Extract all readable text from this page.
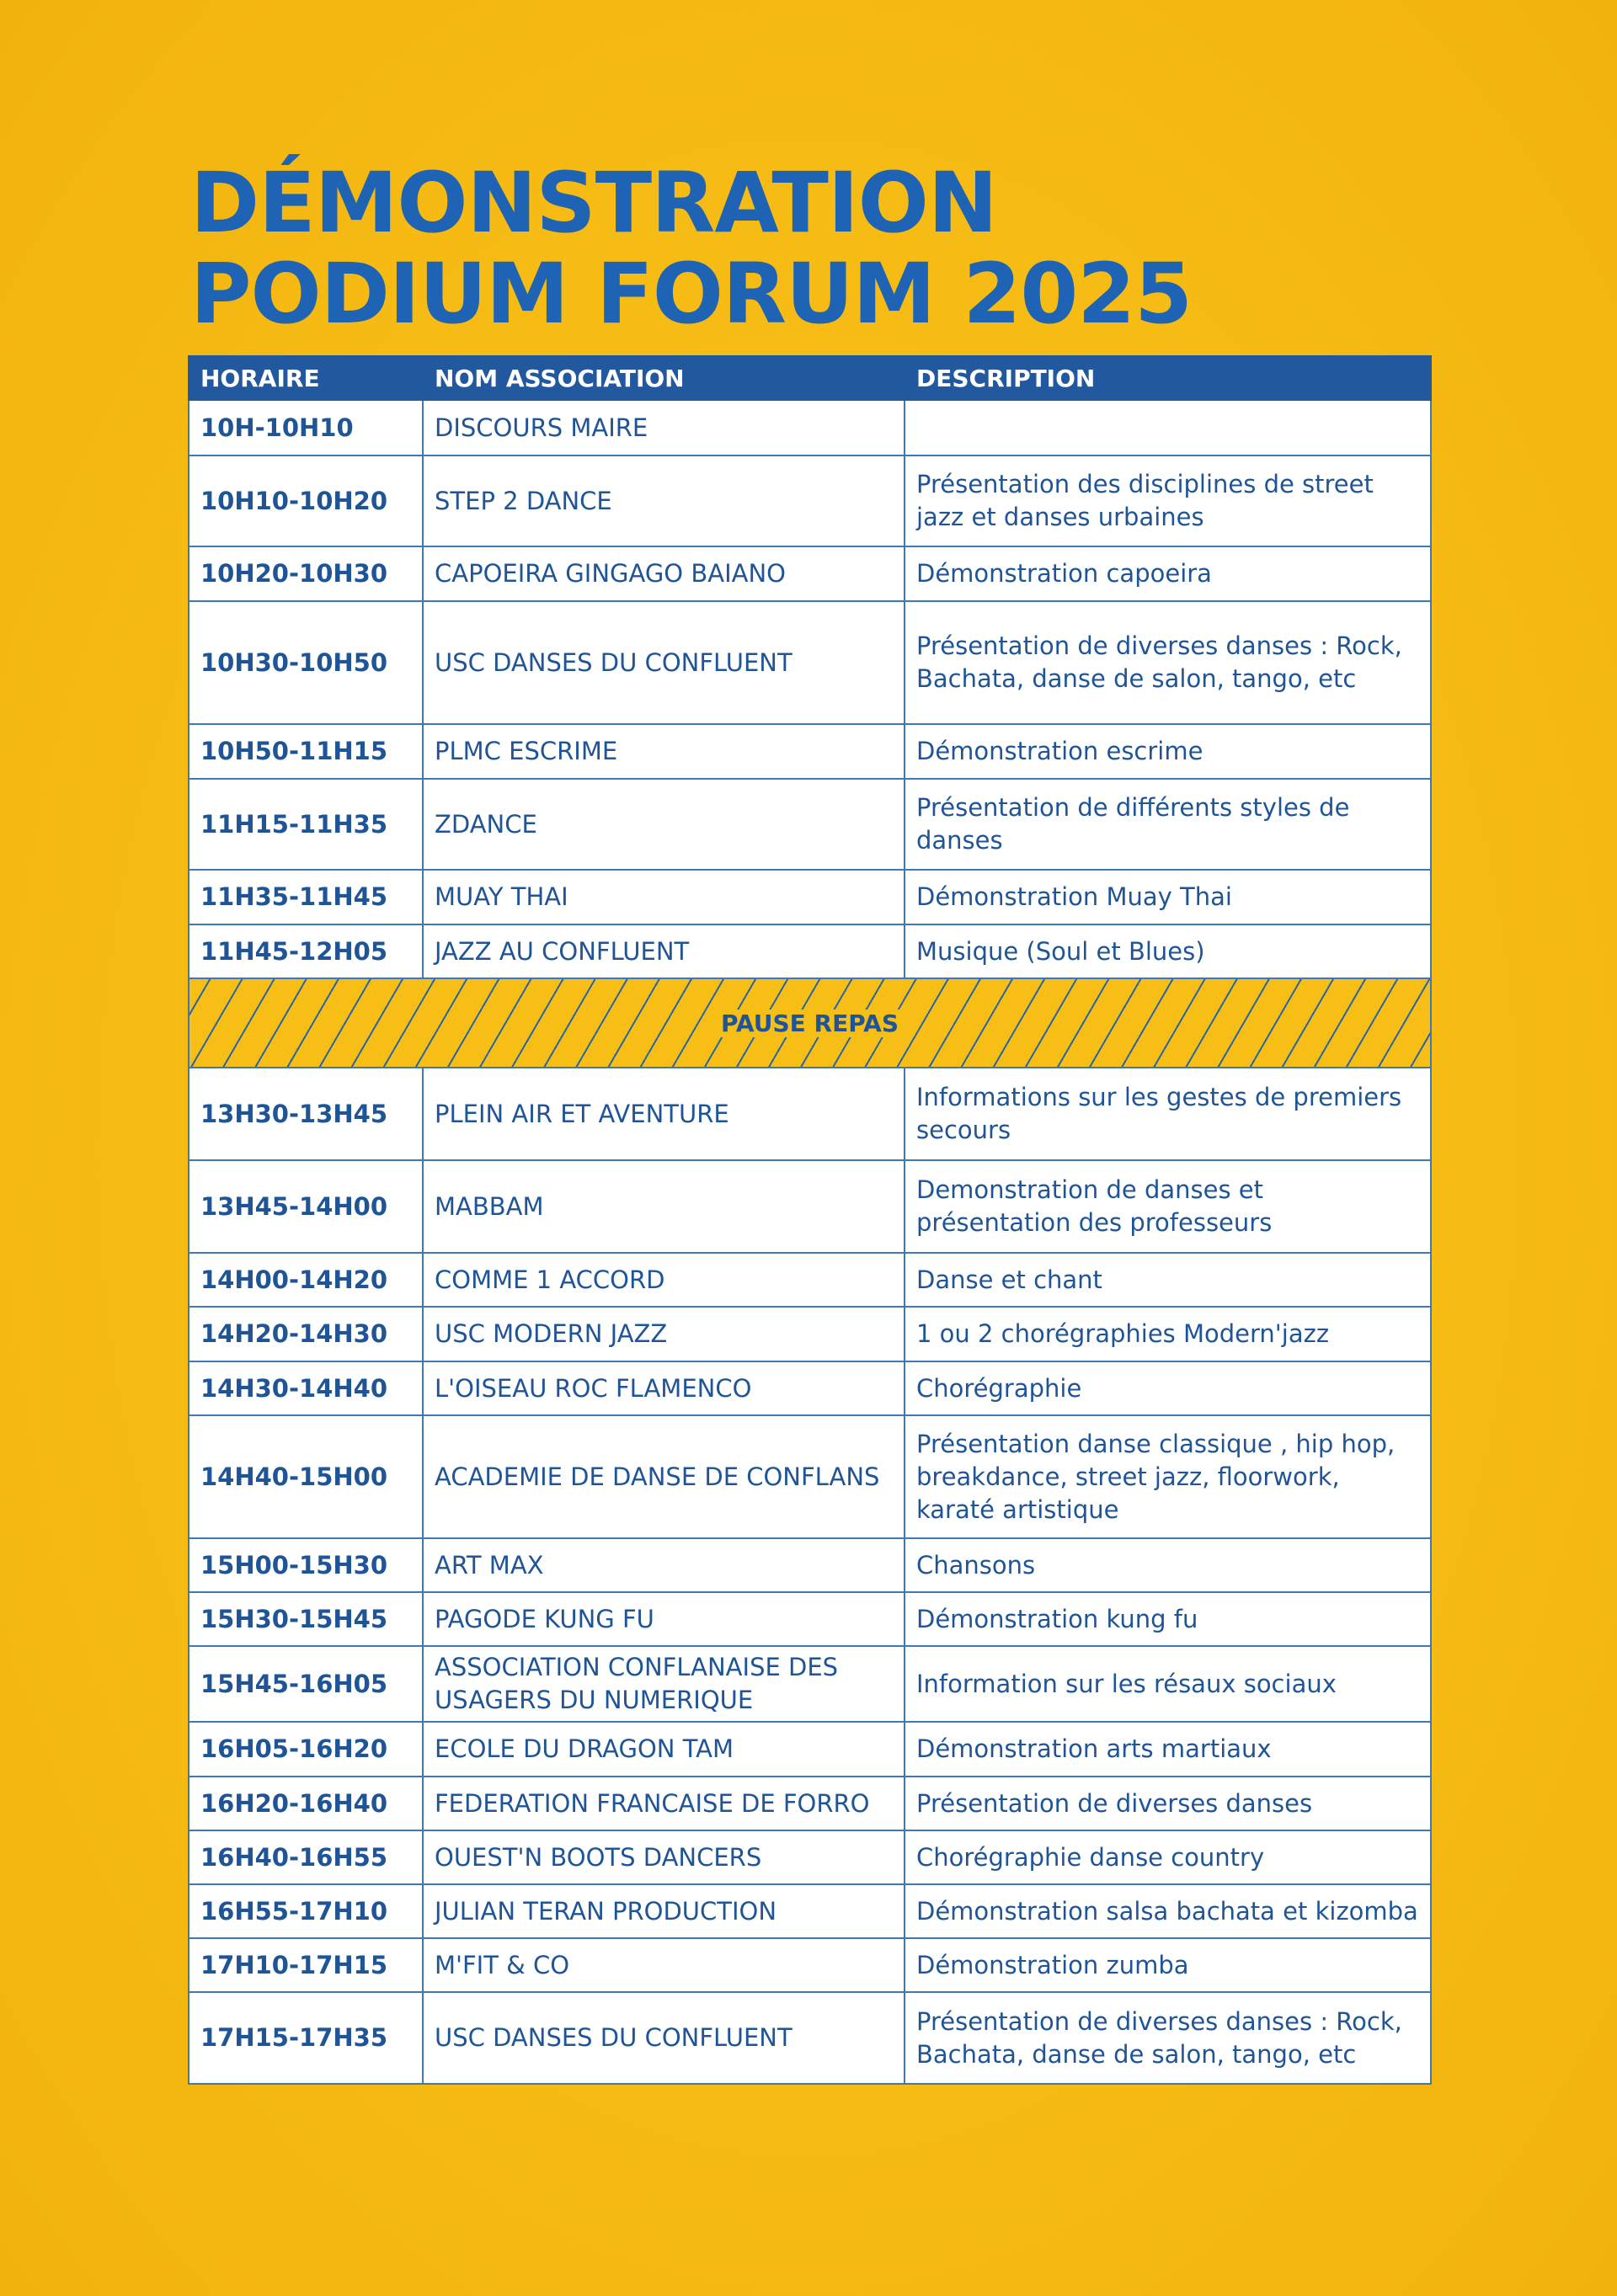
DÉMONSTRATION
PODIUM FORUM 2025
HORAIRE	NOM ASSOCIATION	DESCRIPTION
10H-10H10	DISCOURS MAIRE	
10H10-10H20	STEP 2 DANCE	Présentation des disciplines de street jazz et danses urbaines
10H20-10H30	CAPOEIRA GINGAGO BAIANO	Démonstration capoeira
10H30-10H50	USC DANSES DU CONFLUENT	Présentation de diverses danses : Rock, Bachata, danse de salon, tango, etc
10H50-11H15	PLMC ESCRIME	Démonstration escrime
11H15-11H35	ZDANCE	Présentation de différents styles de danses
11H35-11H45	MUAY THAI	Démonstration Muay Thai
11H45-12H05	JAZZ AU CONFLUENT	Musique (Soul et Blues)
PAUSE REPAS		
13H30-13H45	PLEIN AIR ET AVENTURE	Informations sur les gestes de premiers secours
13H45-14H00	MABBAM	Demonstration de danses et présentation des professeurs
14H00-14H20	COMME 1 ACCORD	Danse et chant
14H20-14H30	USC MODERN JAZZ	1 ou 2 chorégraphies Modern'jazz
14H30-14H40	L'OISEAU ROC FLAMENCO	Chorégraphie
14H40-15H00	ACADEMIE DE DANSE DE CONFLANS	Présentation danse classique , hip hop, breakdance, street jazz, floorwork, karaté artistique
15H00-15H30	ART MAX	Chansons
15H30-15H45	PAGODE KUNG FU	Démonstration kung fu
15H45-16H05	ASSOCIATION CONFLANAISE DES USAGERS DU NUMERIQUE	Information sur les résaux sociaux
16H05-16H20	ECOLE DU DRAGON TAM	Démonstration arts martiaux
16H20-16H40	FEDERATION FRANCAISE DE FORRO	Présentation de diverses danses
16H40-16H55	OUEST'N BOOTS DANCERS	Chorégraphie danse country
16H55-17H10	JULIAN TERAN PRODUCTION	Démonstration salsa bachata et kizomba
17H10-17H15	M'FIT & CO	Démonstration zumba
17H15-17H35	USC DANSES DU CONFLUENT	Présentation de diverses danses : Rock, Bachata, danse de salon, tango, etc
